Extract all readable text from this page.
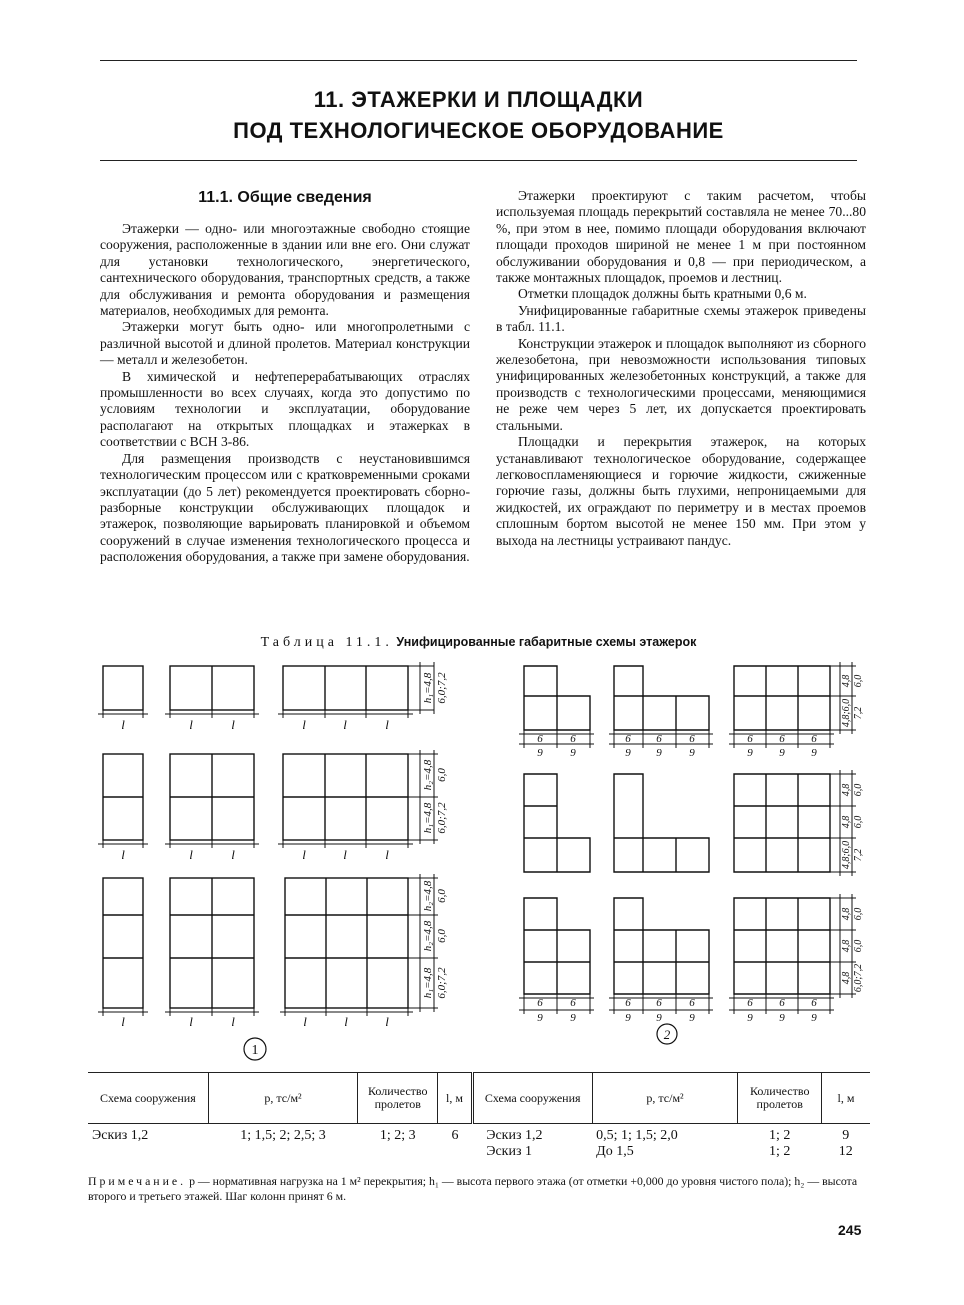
11. ЭТАЖЕРКИ И ПЛОЩАДКИ
ПОД ТЕХНОЛОГИЧЕСКОЕ ОБОРУДОВАНИЕ
11.1. Общие сведения

Этажерки — одно- или многоэтажные свободно стоящие сооружения, расположенные в здании или вне его. Они служат для установки технологического, энергетического, сантехнического оборудования, транспортных средств, а также для обслуживания и ремонта оборудования и размещения материалов, необходимых для ремонта.

Этажерки могут быть одно- или многопролетными с различной высотой и длиной пролетов. Материал конструкции — металл и железобетон.

В химической и нефтеперерабатывающих отраслях промышленности во всех случаях, когда это допустимо по условиям технологии и эксплуатации, оборудование располагают на открытых площадках и этажерках в соответствии с ВСН 3-86.

Для размещения производств с неустановившимся технологическим процессом или с кратковременными сроками эксплуатации (до 5 лет) рекомендуется проектировать сборно-разборные конструкции обслуживающих площадок и этажерок, позволяющие варьировать планировкой и объемом сооружений в случае изменения технологического процесса и расположения оборудования, а также при замене оборудования.

Этажерки проектируют с таким расчетом, чтобы используемая площадь перекрытий составляла не менее 70...80 %, при этом в нее, помимо площади оборудования включают площади проходов шириной не менее 1 м при постоянном обслуживании оборудования и 0,8 — при периодическом, а также монтажных площадок, проемов и лестниц.

Отметки площадок должны быть кратными 0,6 м.

Унифицированные габаритные схемы этажерок приведены в табл. 11.1.

Конструкции этажерок и площадок выполняют из сборного железобетона, при невозможности использования типовых унифицированных железобетонных конструкций, а также для производств с технологическими процессами, меняющимися не реже чем через 5 лет, их допускается проектировать стальными.

Площадки и перекрытия этажерок, на которых устанавливают технологическое оборудование, содержащее легковоспламеняющиеся и горючие жидкости, сжиженные горючие газы, должны быть глухими, непроницаемыми для жидкостей, их ограждают по периметру и в местах проемов сплошным бортом высотой не менее 150 мм. При этом у выхода на лестницы устраивают пандус.

Таблица 11.1. Унифицированные габаритные схемы этажерок
l	l	l	l	l	l
l	l	l	l	l	l
l	l	l	l	l	l
h₁=4,8 6,0;7,2
h₂=4,8 6,0
h₁=4,8 6,0;7,2
h₂=4,8 6,0
h₂=4,8 6,0
h₁=4,8 6,0;7,2
6	6
9	9
6 6	6
9 9	9
6 6 6
9 9 9
6	6
9	9
6 6	6
9 9	9
6 6 6
9 9 9
4,8 6,0
4,8;6,0 7,2
4,8 6,0
4,8 6,0
4,8;6,0 7,2
4,8 6,0
4,8 6,0
4,8 6,0;7,2
1
2
Схема сооружения	p, тс/м²	Количество пролетов	l, м	Схема сооружения	p, тс/м²	Количество пролетов	l, м
Эскиз 1,2	1; 1,5; 2; 2,5; 3	1; 2; 3	6	Эскиз 1,2	0,5; 1; 1,5; 2,0	1; 2	9
				Эскиз 1	До 1,5	1; 2	12
Примечание. p — нормативная нагрузка на 1 м² перекрытия; h₁ — высота первого этажа (от отметки +0,000 до уровня чистого пола); h₂ — высота второго и третьего этажей. Шаг колонн принят 6 м.
245
